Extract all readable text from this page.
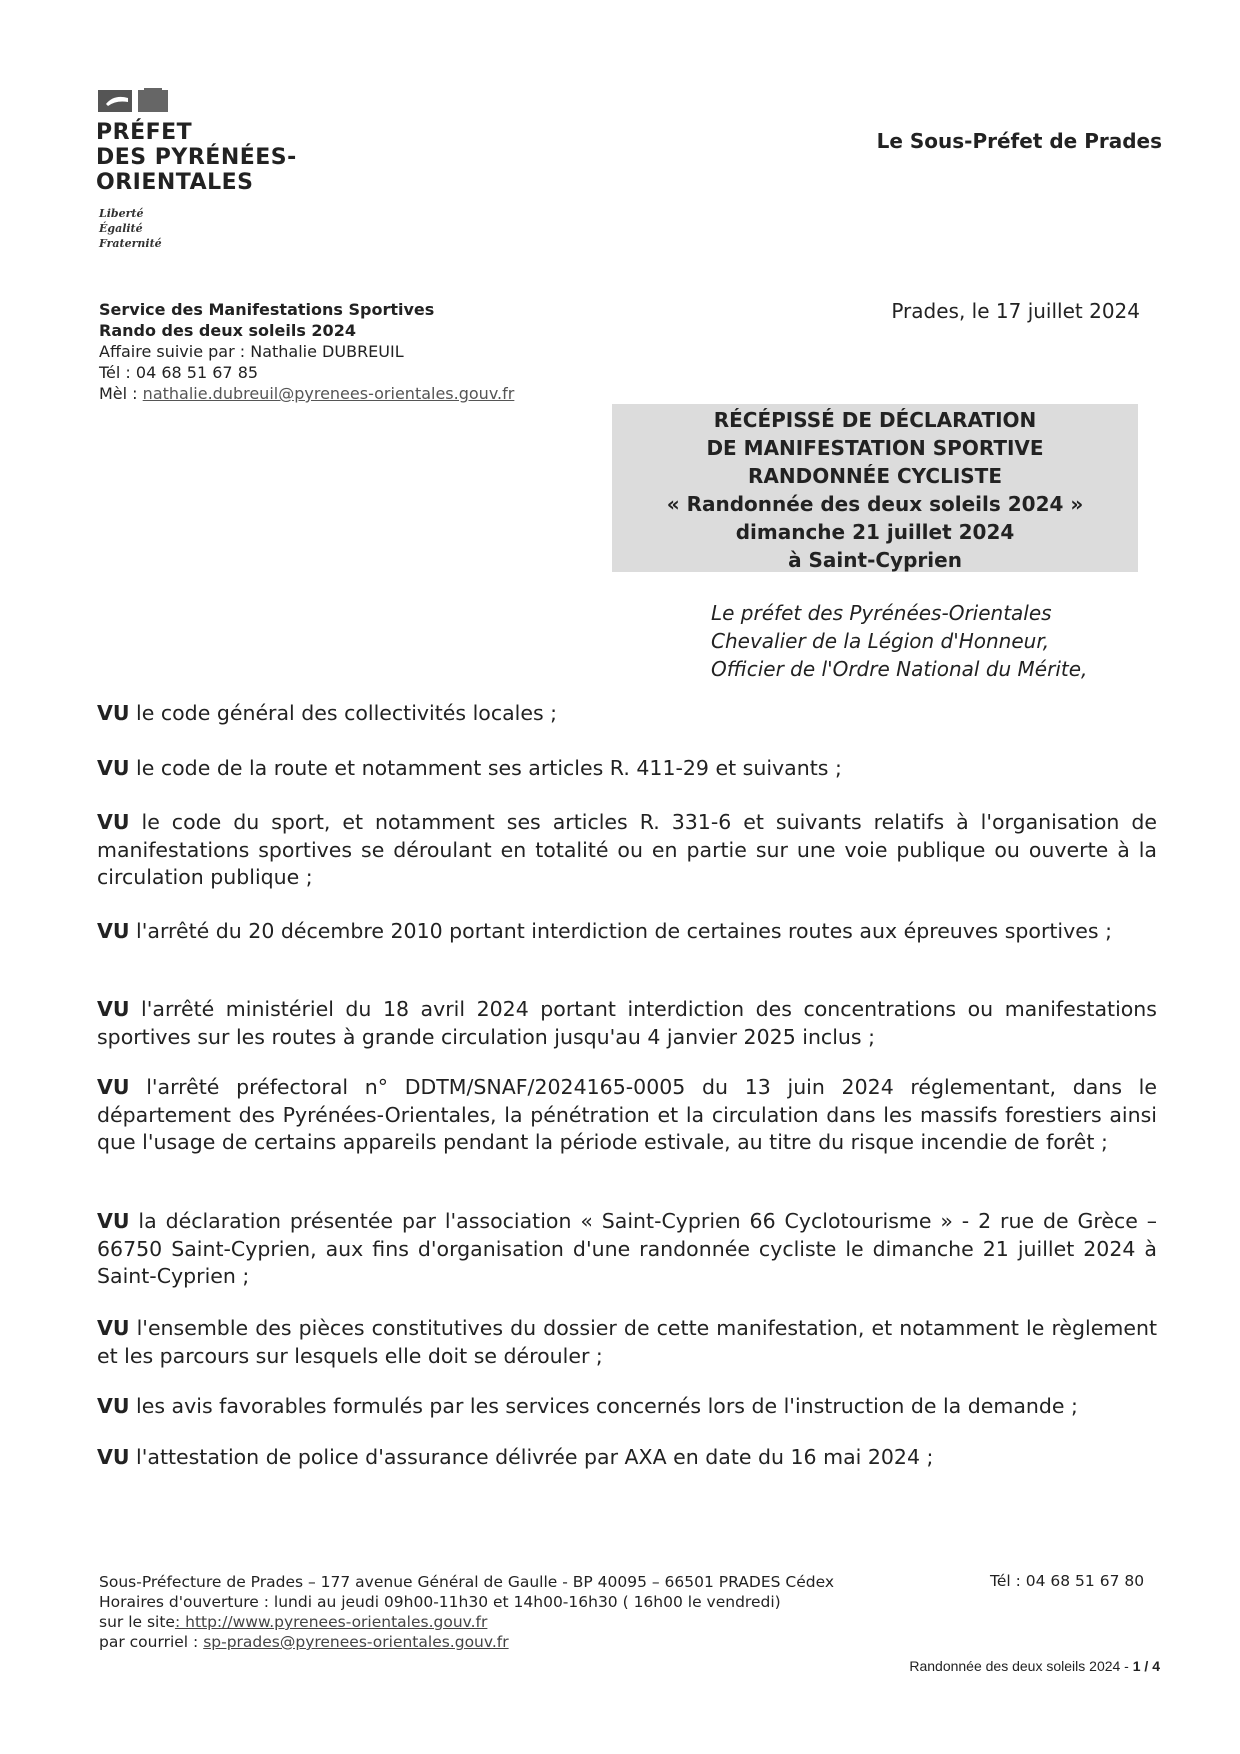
PRÉFET
DES PYRÉNÉES-
ORIENTALES
Liberté
Égalité
Fraternité
Le Sous-Préfet de Prades
Service des Manifestations Sportives
Rando des deux soleils 2024
Affaire suivie par : Nathalie DUBREUIL
Tél : 04 68 51 67 85
Mèl : nathalie.dubreuil@pyrenees-orientales.gouv.fr
Prades, le 17 juillet 2024
RÉCÉPISSÉ DE DÉCLARATION
DE MANIFESTATION SPORTIVE
RANDONNÉE CYCLISTE
« Randonnée des deux soleils 2024 »
dimanche 21 juillet 2024
à Saint-Cyprien
Le préfet des Pyrénées-Orientales
Chevalier de la Légion d'Honneur,
Officier de l'Ordre National du Mérite,
VU le code général des collectivités locales ;
VU le code de la route et notamment ses articles R. 411-29 et suivants ;
VU le code du sport, et notamment ses articles R. 331-6 et suivants relatifs à l'organisation de manifestations sportives se déroulant en totalité ou en partie sur une voie publique ou ouverte à la circulation publique ;
VU l'arrêté du 20 décembre 2010 portant interdiction de certaines routes aux épreuves sportives ;
VU l'arrêté ministériel du 18 avril 2024 portant interdiction des concentrations ou manifestations sportives sur les routes à grande circulation jusqu'au 4 janvier 2025 inclus ;
VU l'arrêté préfectoral n° DDTM/SNAF/2024165-0005 du 13 juin 2024 réglementant, dans le département des Pyrénées-Orientales, la pénétration et la circulation dans les massifs forestiers ainsi que l'usage de certains appareils pendant la période estivale, au titre du risque incendie de forêt ;
VU la déclaration présentée par l'association « Saint-Cyprien 66 Cyclotourisme » - 2 rue de Grèce – 66750 Saint-Cyprien, aux fins d'organisation d'une randonnée cycliste le dimanche 21 juillet 2024 à Saint-Cyprien ;
VU l'ensemble des pièces constitutives du dossier de cette manifestation, et notamment le règlement et les parcours sur lesquels elle doit se dérouler ;
VU les avis favorables formulés par les services concernés lors de l'instruction de la demande ;
VU l'attestation de police d'assurance délivrée par AXA en date du 16 mai 2024 ;
Sous-Préfecture de Prades – 177 avenue Général de Gaulle - BP 40095 – 66501 PRADES Cédex
Horaires d'ouverture : lundi au jeudi 09h00-11h30 et 14h00-16h30 ( 16h00 le vendredi)
sur le site: http://www.pyrenees-orientales.gouv.fr
par courriel : sp-prades@pyrenees-orientales.gouv.fr
Tél : 04 68 51 67 80
Randonnée des deux soleils 2024 - 1 / 4
